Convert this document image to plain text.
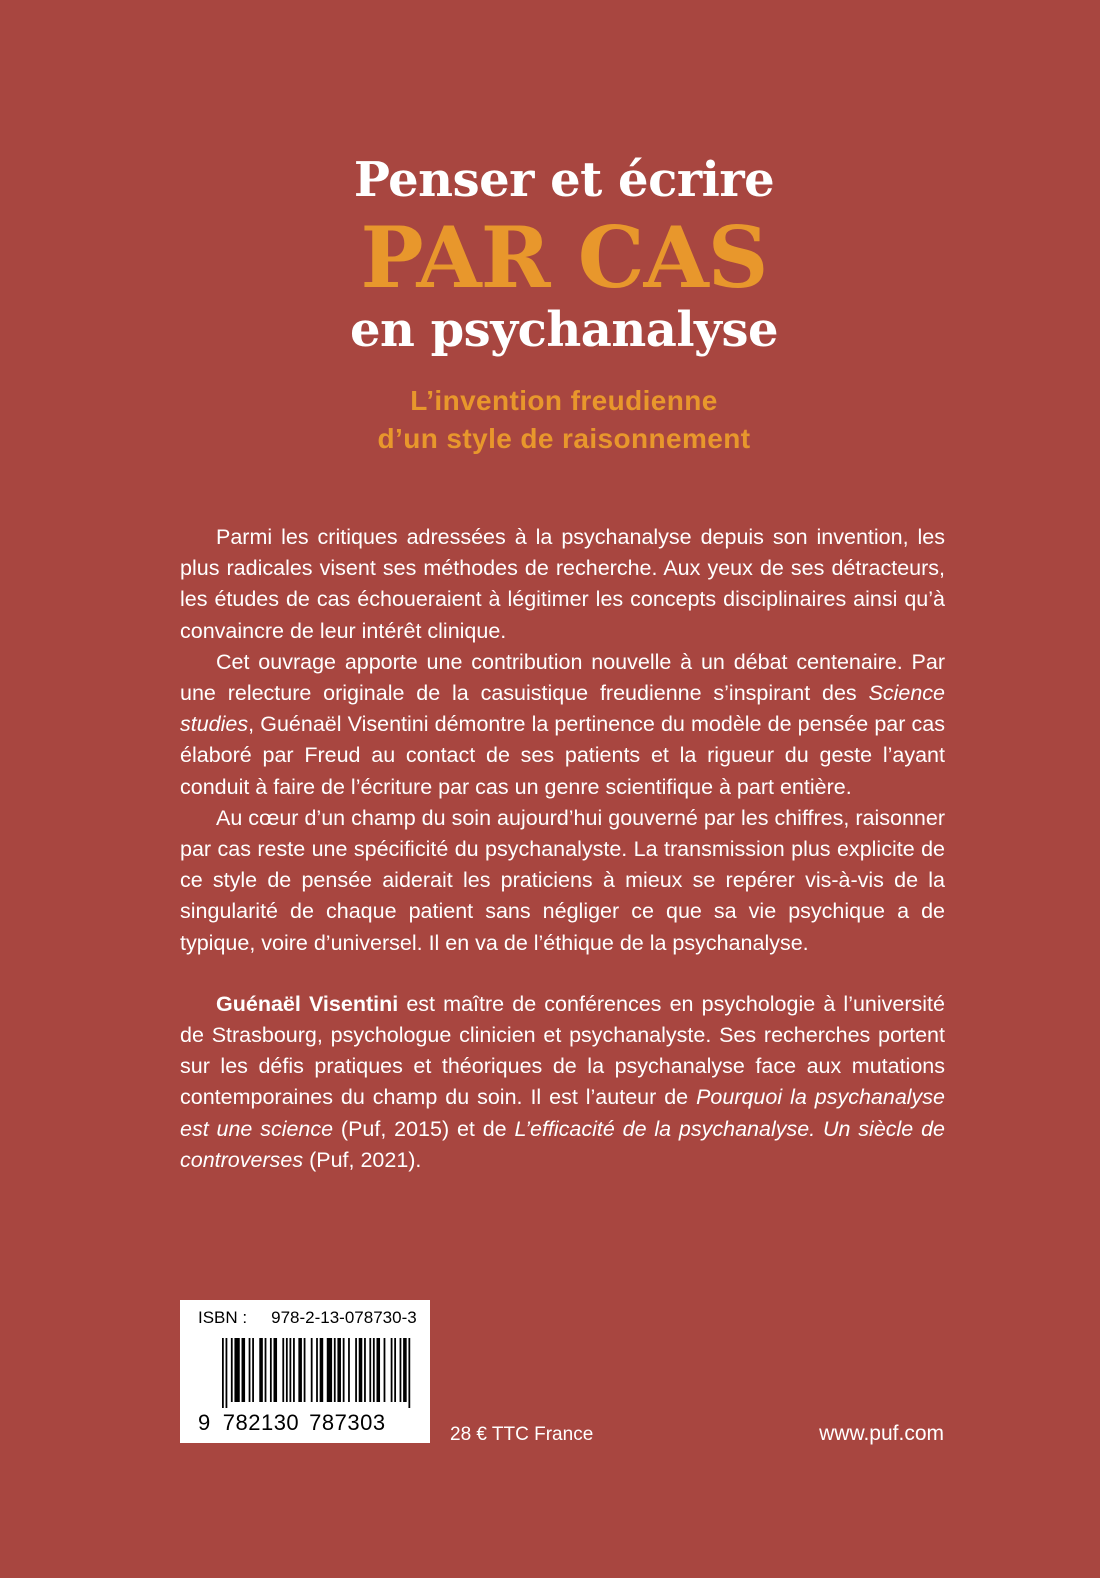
Penser et écrire
PAR CAS
en psychanalyse
L’invention freudienne
d’un style de raisonnement

Parmi les critiques adressées à la psychanalyse depuis son invention, les plus radicales visent ses méthodes de recherche. Aux yeux de ses détracteurs, les études de cas échoueraient à légitimer les concepts disciplinaires ainsi qu’à convaincre de leur intérêt clinique.

Cet ouvrage apporte une contribution nouvelle à un débat centenaire. Par une relecture originale de la casuistique freudienne s’inspirant des Science studies, Guénaël Visentini démontre la pertinence du modèle de pensée par cas élaboré par Freud au contact de ses patients et la rigueur du geste l’ayant conduit à faire de l’écriture par cas un genre scientifique à part entière.

Au cœur d’un champ du soin aujourd’hui gouverné par les chiffres, raisonner par cas reste une spécificité du psychanalyste. La transmission plus explicite de ce style de pensée aiderait les praticiens à mieux se repérer vis-à-vis de la singularité de chaque patient sans négliger ce que sa vie psychique a de typique, voire d’universel. Il en va de l’éthique de la psychanalyse.

Guénaël Visentini est maître de conférences en psychologie à l’université de Strasbourg, psychologue clinicien et psychanalyste. Ses recherches portent sur les défis pratiques et théoriques de la psychanalyse face aux mutations contemporaines du champ du soin. Il est l’auteur de Pourquoi la psychanalyse est une science (Puf, 2015) et de L’efficacité de la psychanalyse. Un siècle de controverses (Puf, 2021).

ISBN : 978-2-13-078730-3
9 782130 787303	28 € TTC France	www.puf.com
